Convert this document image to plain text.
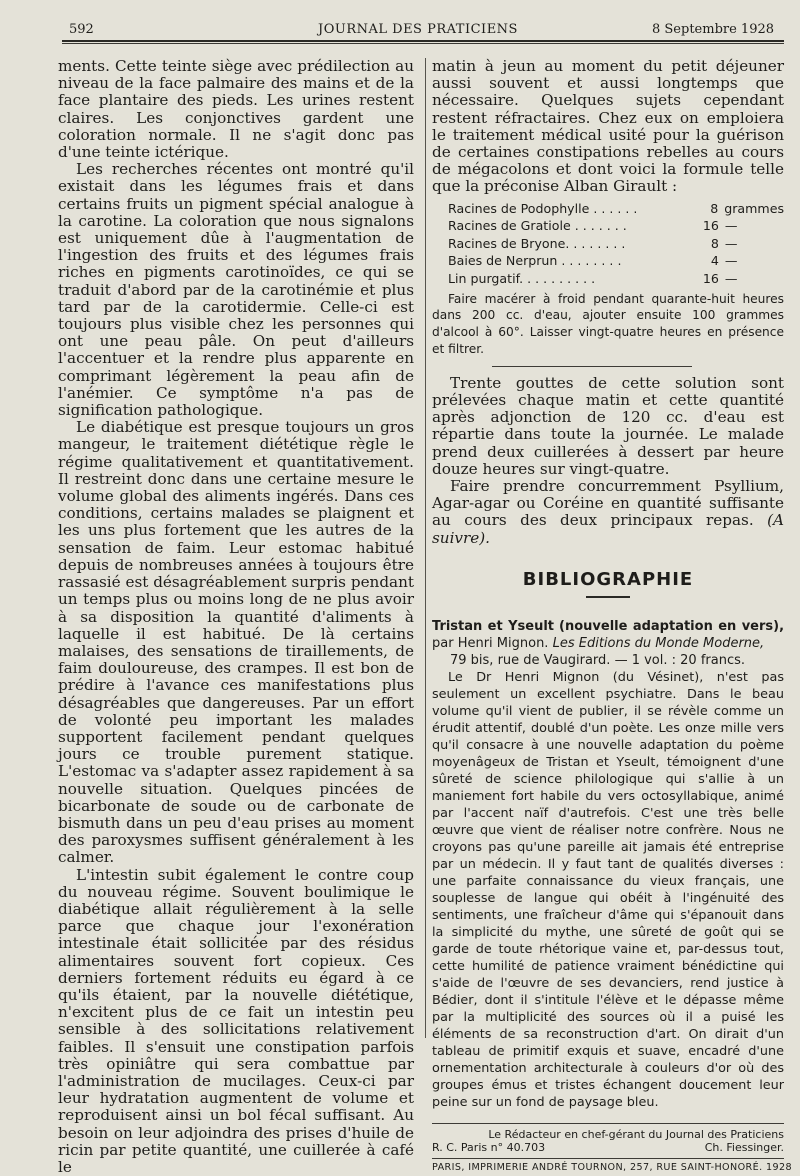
592	JOURNAL DES PRATICIENS	8 Septembre 1928

ments. Cette teinte siège avec prédilection au niveau de la face palmaire des mains et de la face plantaire des pieds. Les urines restent claires. Les conjonctives gardent une coloration normale. Il ne s'agit donc pas d'une teinte ictérique.

Les recherches récentes ont montré qu'il existait dans les légumes frais et dans certains fruits un pigment spécial analogue à la carotine. La coloration que nous signalons est uniquement dûe à l'augmentation de l'ingestion des fruits et des légumes frais riches en pigments carotinoïdes, ce qui se traduit d'abord par de la carotinémie et plus tard par de la carotidermie. Celle-ci est toujours plus visible chez les personnes qui ont une peau pâle. On peut d'ailleurs l'accentuer et la rendre plus apparente en comprimant légèrement la peau afin de l'anémier. Ce symptôme n'a pas de signification pathologique.

Le diabétique est presque toujours un gros mangeur, le traitement diététique règle le régime qualitativement et quantitativement. Il restreint donc dans une certaine mesure le volume global des aliments ingérés. Dans ces conditions, certains malades se plaignent et les uns plus fortement que les autres de la sensation de faim. Leur estomac habitué depuis de nombreuses années à toujours être rassasié est désagréablement surpris pendant un temps plus ou moins long de ne plus avoir à sa disposition la quantité d'aliments à laquelle il est habitué. De là certains malaises, des sensations de tiraillements, de faim douloureuse, des crampes. Il est bon de prédire à l'avance ces manifestations plus désagréables que dangereuses. Par un effort de volonté peu important les malades supportent facilement pendant quelques jours ce trouble purement statique. L'estomac va s'adapter assez rapidement à sa nouvelle situation. Quelques pincées de bicarbonate de soude ou de carbonate de bismuth dans un peu d'eau prises au moment des paroxysmes suffisent généralement à les calmer.

L'intestin subit également le contre coup du nouveau régime. Souvent boulimique le diabétique allait régulièrement à la selle parce que chaque jour l'exonération intestinale était sollicitée par des résidus alimentaires souvent fort copieux. Ces derniers fortement réduits eu égard à ce qu'ils étaient, par la nouvelle diététique, n'excitent plus de ce fait un intestin peu sensible à des sollicitations relativement faibles. Il s'ensuit une constipation parfois très opiniâtre qui sera combattue par l'administration de mucilages. Ceux-ci par leur hydratation augmentent de volume et reproduisent ainsi un bol fécal suffisant. Au besoin on leur adjoindra des prises d'huile de ricin par petite quantité, une cuillerée à café le

matin à jeun au moment du petit déjeuner aussi souvent et aussi longtemps que nécessaire. Quelques sujets cependant restent réfractaires. Chez eux on emploiera le traitement médical usité pour la guérison de certaines constipations rebelles au cours de mégacolons et dont voici la formule telle que la préconise Alban Girault :

Racines de Podophylle . . . . . .	8 grammes
Racines de Gratiole . . . . . . .	16 —
Racines de Bryone. . . . . . . .	8 —
Baies de Nerprun . . . . . . . .	4 —
Lin purgatif. . . . . . . . . .	16 —

Faire macérer à froid pendant quarante-huit heures dans 200 cc. d'eau, ajouter ensuite 100 grammes d'alcool à 60°. Laisser vingt-quatre heures en présence et filtrer.

Trente gouttes de cette solution sont prélevées chaque matin et cette quantité après adjonction de 120 cc. d'eau est répartie dans toute la journée. Le malade prend deux cuillerées à dessert par heure douze heures sur vingt-quatre.

Faire prendre concurremment Psyllium, Agar-agar ou Coréine en quantité suffisante au cours des deux principaux repas. (A suivre).

BIBLIOGRAPHIE

Tristan et Yseult (nouvelle adaptation en vers), par Henri Mignon. Les Editions du Monde Moderne,
79 bis, rue de Vaugirard. — 1 vol. : 20 francs.

Le Dr Henri Mignon (du Vésinet), n'est pas seulement un excellent psychiatre. Dans le beau volume qu'il vient de publier, il se révèle comme un érudit attentif, doublé d'un poète. Les onze mille vers qu'il consacre à une nouvelle adaptation du poème moyenâgeux de Tristan et Yseult, témoignent d'une sûreté de science philologique qui s'allie à un maniement fort habile du vers octosyllabique, animé par l'accent naïf d'autrefois. C'est une très belle œuvre que vient de réaliser notre confrère. Nous ne croyons pas qu'une pareille ait jamais été entreprise par un médecin. Il y faut tant de qualités diverses : une parfaite connaissance du vieux français, une souplesse de langue qui obéit à l'ingénuité des sentiments, une fraîcheur d'âme qui s'épanouit dans la simplicité du mythe, une sûreté de goût qui se garde de toute rhétorique vaine et, par-dessus tout, cette humilité de patience vraiment bénédictine qui s'aide de l'œuvre de ses devanciers, rend justice à Bédier, dont il s'intitule l'élève et le dépasse même par la multiplicité des sources où il a puisé les éléments de sa reconstruction d'art. On dirait d'un tableau de primitif exquis et suave, encadré d'une ornementation architecturale à couleurs d'or où des groupes émus et tristes échangent doucement leur peine sur un fond de paysage bleu.

Le Rédacteur en chef-gérant du Journal des Praticiens
R. C. Paris n° 40.703	Ch. Fiessinger.
PARIS, IMPRIMERIE ANDRÉ TOURNON, 257, RUE SAINT-HONORÉ. 1928
